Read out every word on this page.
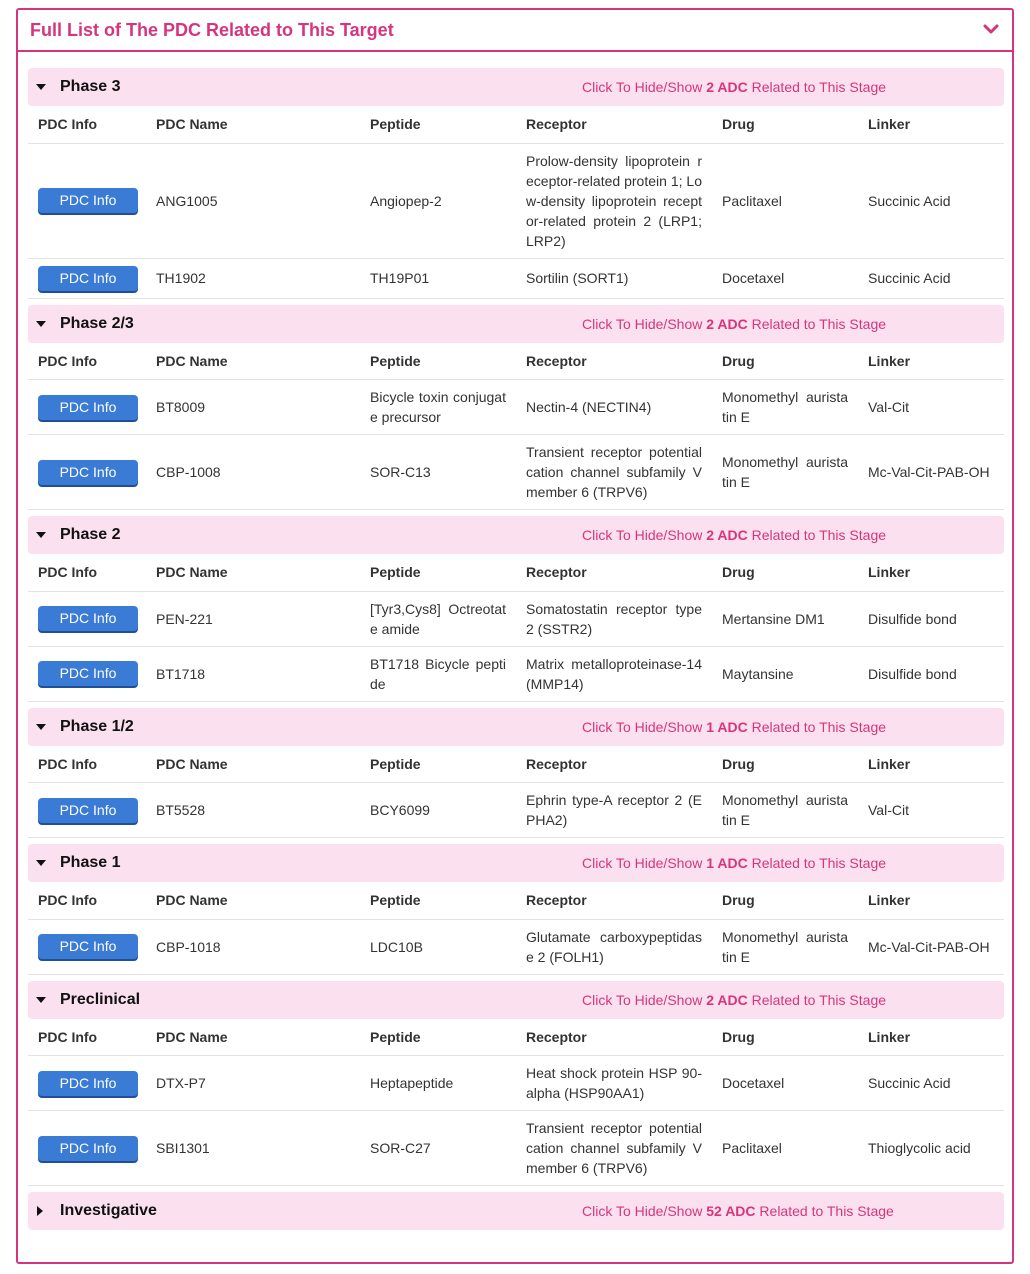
Full List of The PDC Related to This Target
Phase 3	Click To Hide/Show 2 ADC Related to This Stage
PDC Info	PDC Name	Peptide	Receptor	Drug	Linker
PDC Info	ANG1005	Angiopep-2	Prolow-density lipoprotein receptor-related protein 1; Low-density lipoprotein receptor-related protein 2 (LRP1; LRP2)	Paclitaxel	Succinic Acid
PDC Info	TH1902	TH19P01	Sortilin (SORT1)	Docetaxel	Succinic Acid
Phase 2/3	Click To Hide/Show 2 ADC Related to This Stage
PDC Info	PDC Name	Peptide	Receptor	Drug	Linker
PDC Info	BT8009	Bicycle toxin conjugate precursor	Nectin-4 (NECTIN4)	Monomethyl auristatin E	Val-Cit
PDC Info	CBP-1008	SOR-C13	Transient receptor potential cation channel subfamily V member 6 (TRPV6)	Monomethyl auristatin E	Mc-Val-Cit-PAB-OH
Phase 2	Click To Hide/Show 2 ADC Related to This Stage
PDC Info	PDC Name	Peptide	Receptor	Drug	Linker
PDC Info	PEN-221	[Tyr3,Cys8] Octreotate amide	Somatostatin receptor type 2 (SSTR2)	Mertansine DM1	Disulfide bond
PDC Info	BT1718	BT1718 Bicycle peptide	Matrix metalloproteinase-14 (MMP14)	Maytansine	Disulfide bond
Phase 1/2	Click To Hide/Show 1 ADC Related to This Stage
PDC Info	PDC Name	Peptide	Receptor	Drug	Linker
PDC Info	BT5528	BCY6099	Ephrin type-A receptor 2 (EPHA2)	Monomethyl auristatin E	Val-Cit
Phase 1	Click To Hide/Show 1 ADC Related to This Stage
PDC Info	PDC Name	Peptide	Receptor	Drug	Linker
PDC Info	CBP-1018	LDC10B	Glutamate carboxypeptidase 2 (FOLH1)	Monomethyl auristatin E	Mc-Val-Cit-PAB-OH
Preclinical	Click To Hide/Show 2 ADC Related to This Stage
PDC Info	PDC Name	Peptide	Receptor	Drug	Linker
PDC Info	DTX-P7	Heptapeptide	Heat shock protein HSP 90-alpha (HSP90AA1)	Docetaxel	Succinic Acid
PDC Info	SBI1301	SOR-C27	Transient receptor potential cation channel subfamily V member 6 (TRPV6)	Paclitaxel	Thioglycolic acid
Investigative	Click To Hide/Show 52 ADC Related to This Stage
